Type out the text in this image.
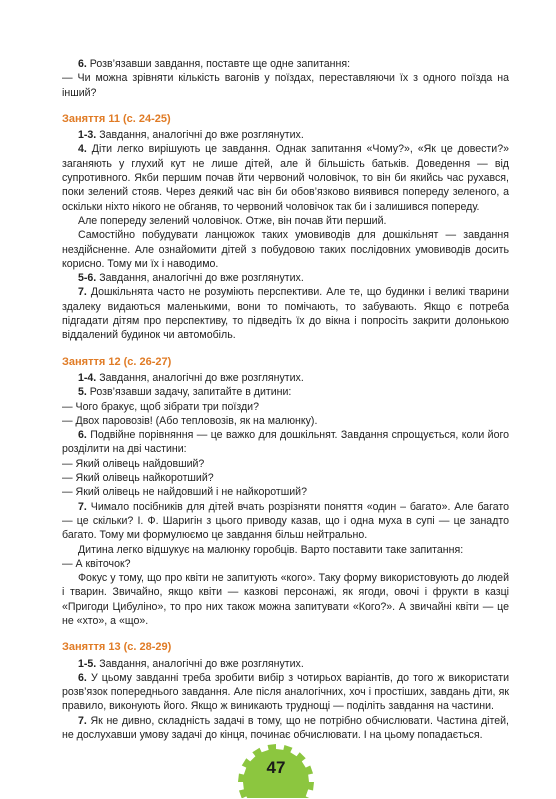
6. Розв’язавши завдання, поставте ще одне запитання:

— Чи можна зрівняти кількість вагонів у поїздах, переставляючи їх з одного поїзда на інший?

Заняття 11 (с. 24-25)

1-3. Завдання, аналогічні до вже розглянутих.

4. Діти легко вирішують це завдання. Однак запитання «Чому?», «Як це довести?» заганяють у глухий кут не лише дітей, але й більшість батьків. Доведення — від супротивного. Якби першим почав йти червоний чоловічок, то він би якийсь час рухався, поки зелений стояв. Через деякий час він би обов’язково виявився попереду зеленого, а оскільки ніхто нікого не обганяв, то червоний чоловічок так би і залишився попереду.

Але попереду зелений чоловічок. Отже, він почав йти перший.

Самостійно побудувати ланцюжок таких умовиводів для дошкільнят — завдання нездійсненне. Але ознайомити дітей з побудовою таких послідовних умовиводів досить корисно. Тому ми їх і наводимо.

5-6. Завдання, аналогічні до вже розглянутих.

7. Дошкільнята часто не розуміють перспективи. Але те, що будинки і великі тварини здалеку видаються маленькими, вони то помічають, то забувають. Якщо є потреба підгадати дітям про перспективу, то підведіть їх до вікна і попросіть закрити долонькою віддалений будинок чи автомобіль.

Заняття 12 (с. 26-27)

1-4. Завдання, аналогічні до вже розглянутих.

5. Розв’язавши задачу, запитайте в дитини:

— Чого бракує, щоб зібрати три поїзди?

— Двох паровозів! (Або тепловозів, як на малюнку).

6. Подвійне порівняння — це важко для дошкільнят. Завдання спрощується, коли його розділити на дві частини:

— Який олівець найдовший?

— Який олівець найкоротший?

— Який олівець не найдовший і не найкоротший?

7. Чимало посібників для дітей вчать розрізняти поняття «один – багато». Але багато — це скільки? І. Ф. Шаригін з цього приводу казав, що і одна муха в супі — це занадто багато. Тому ми формулюємо це завдання більш нейтрально.

Дитина легко відшукує на малюнку горобців. Варто поставити таке запитання:

— А квіточок?

Фокус у тому, що про квіти не запитують «кого». Таку форму використовують до людей і тварин. Звичайно, якщо квіти — казкові персонажі, як ягоди, овочі і фрукти в казці «Пригоди Цибуліно», то про них також можна запитувати «Кого?». А звичайні квіти — це не «хто», а «що».

Заняття 13 (с. 28-29)

1-5. Завдання, аналогічні до вже розглянутих.

6. У цьому завданні треба зробити вибір з чотирьох варіантів, до того ж використати розв’язок попереднього завдання. Але після аналогічних, хоч і простіших, завдань діти, як правило, виконують його. Якщо ж виникають труднощі — поділіть завдання на частини.

7. Як не дивно, складність задачі в тому, що не потрібно обчислювати. Частина дітей, не дослухавши умову задачі до кінця, починає обчислювати. І на цьому попадається.

47
